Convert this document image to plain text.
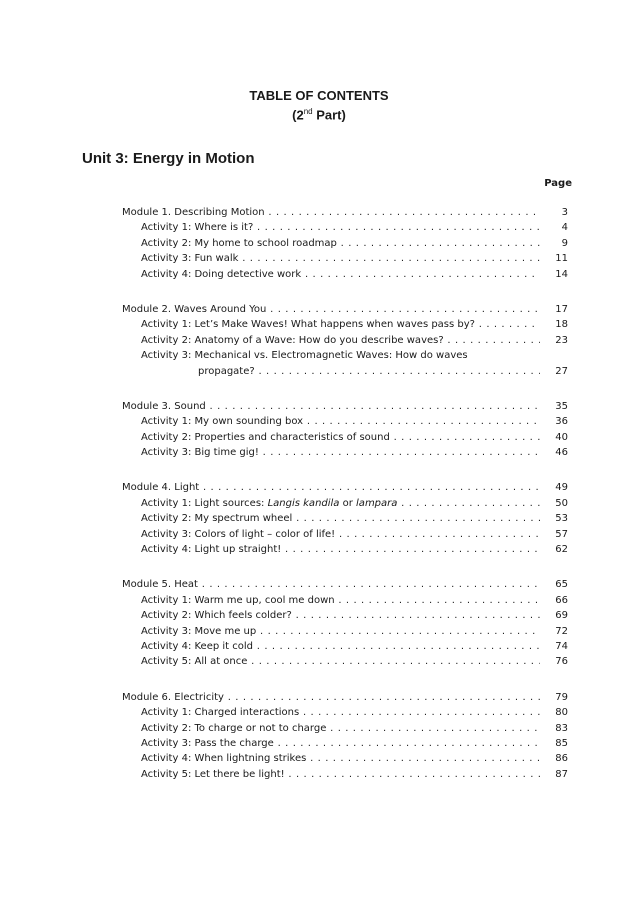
TABLE OF CONTENTS
(2nd Part)
Unit 3: Energy in Motion
Page
Module 1. Describing Motion . . .	3
Activity 1: Where is it? . . .	4
Activity 2: My home to school roadmap . . .	9
Activity 3: Fun walk . . .	11
Activity 4: Doing detective work . . .	14
Module 2. Waves Around You . . .	17
Activity 1: Let’s Make Waves! What happens when waves pass by? . . .	18
Activity 2: Anatomy of a Wave: How do you describe waves? . . .	23
Activity 3: Mechanical vs. Electromagnetic Waves: How do waves
propagate? . . .	27
Module 3. Sound . . .	35
Activity 1: My own sounding box . . .	36
Activity 2: Properties and characteristics of sound . . .	40
Activity 3: Big time gig! . . .	46
Module 4. Light . . .	49
Activity 1: Light sources: Langis kandila or lampara . . .	50
Activity 2: My spectrum wheel . . .	53
Activity 3: Colors of light – color of life! . . .	57
Activity 4: Light up straight! . . .	62
Module 5. Heat . . .	65
Activity 1: Warm me up, cool me down . . .	66
Activity 2: Which feels colder? . . .	69
Activity 3: Move me up . . .	72
Activity 4: Keep it cold . . .	74
Activity 5: All at once . . .	76
Module 6. Electricity . . .	79
Activity 1: Charged interactions . . .	80
Activity 2: To charge or not to charge . . .	83
Activity 3: Pass the charge . . .	85
Activity 4: When lightning strikes . . .	86
Activity 5: Let there be light! . . .	87
